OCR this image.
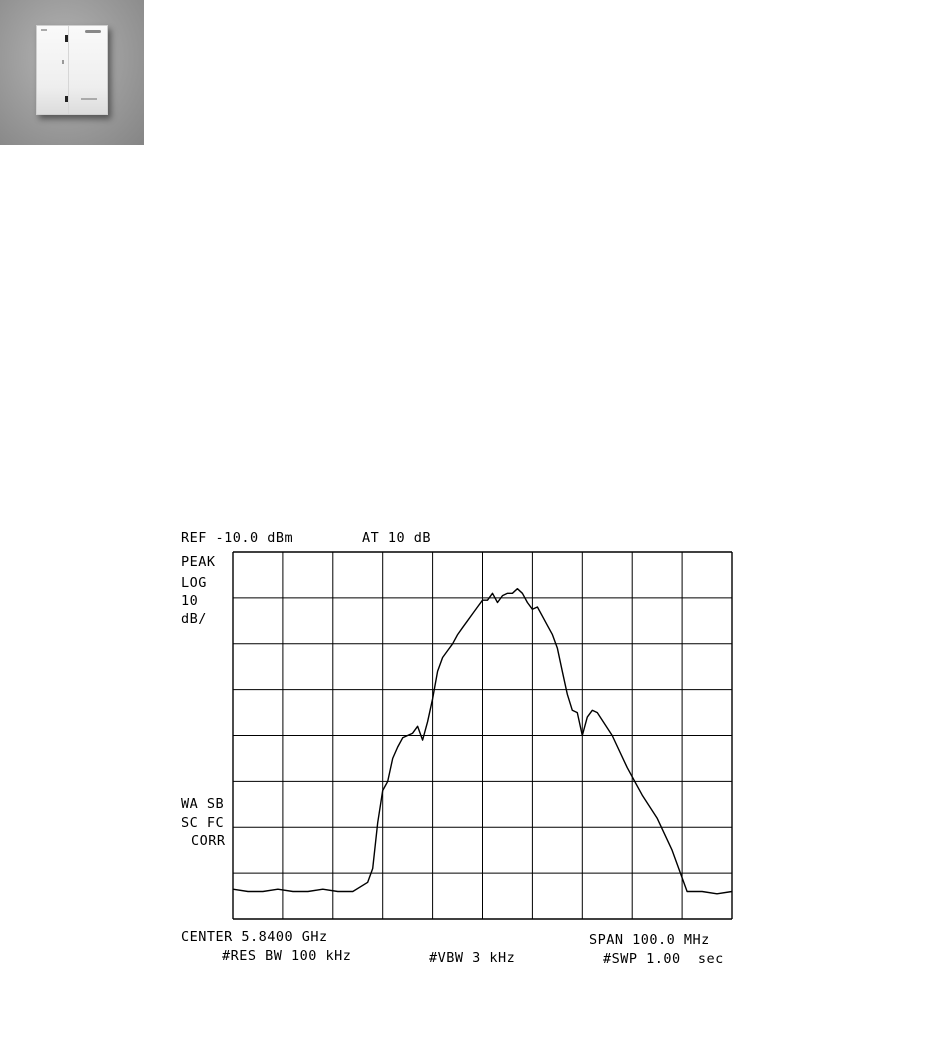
REF -10.0 dBm	AT 10 dB
PEAK
LOG
10
dB/
WA SB
SC FC
CORR
CENTER 5.8400 GHz	SPAN 100.0 MHz
#RES BW 100 kHz	#VBW 3 kHz	#SWP 1.00  sec
